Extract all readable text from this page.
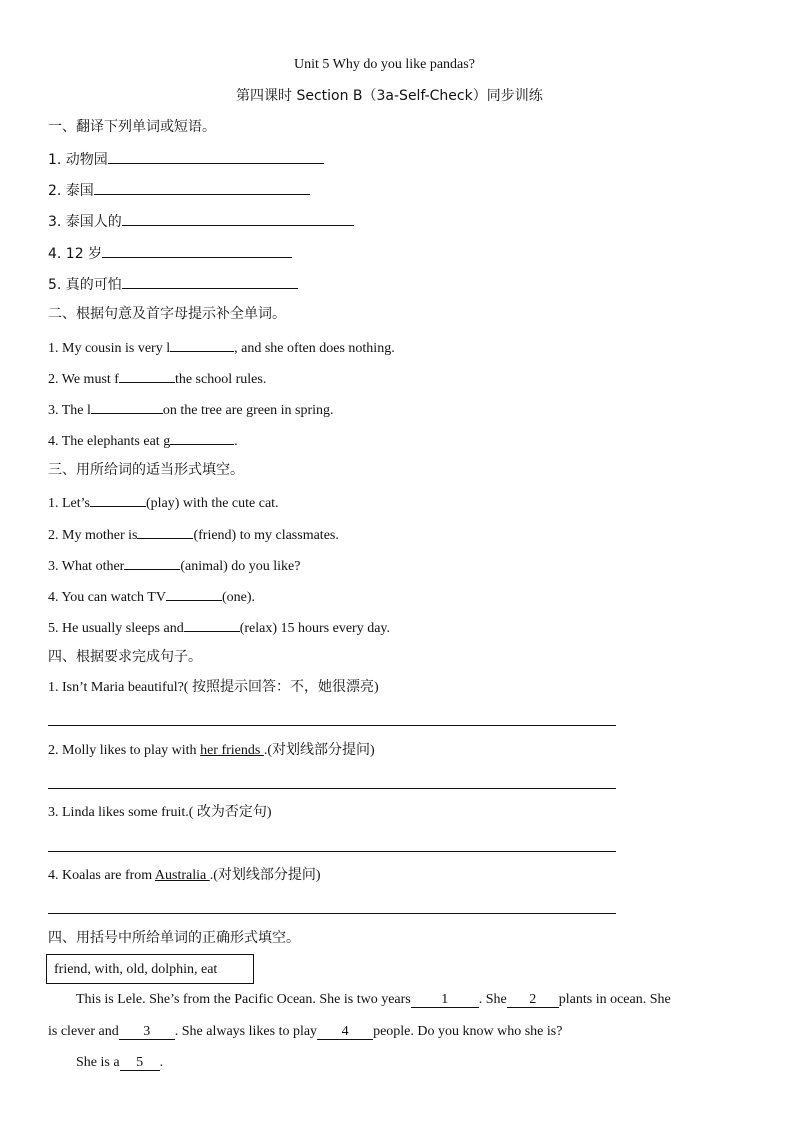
Unit 5 Why do you like pandas?
第四课时 Section B（3a-Self-Check）同步训练
一、翻译下列单词或短语。
1. 动物园
2. 泰国
3. 泰国人的
4. 12 岁
5. 真的可怕
二、根据句意及首字母提示补全单词。
1. My cousin is very l	, and she often does nothing.
2. We must f	the school rules.
3. The l	on the tree are green in spring.
4. The elephants eat g	.
三、用所给词的适当形式填空。
1. Let’s	(play) with the cute cat.
2. My mother is	(friend) to my classmates.
3. What other	(animal) do you like?
4. You can watch TV	(one).
5. He usually sleeps and	(relax) 15 hours every day.
四、根据要求完成句子。
1. Isn’t Maria beautiful?( 按照提示回答：不，她很漂亮)
2. Molly likes to play with her friends .(对划线部分提问)
3. Linda likes some fruit.( 改为否定句)
4. Koalas are from Australia .(对划线部分提问)
四、用括号中所给单词的正确形式填空。
friend, with, old, dolphin, eat
This is Lele. She’s from the Pacific Ocean. She is two years 1 . She 2 plants in ocean. She
is clever and 3 . She always likes to play 4 people. Do you know who she is?
She is a 5 .
